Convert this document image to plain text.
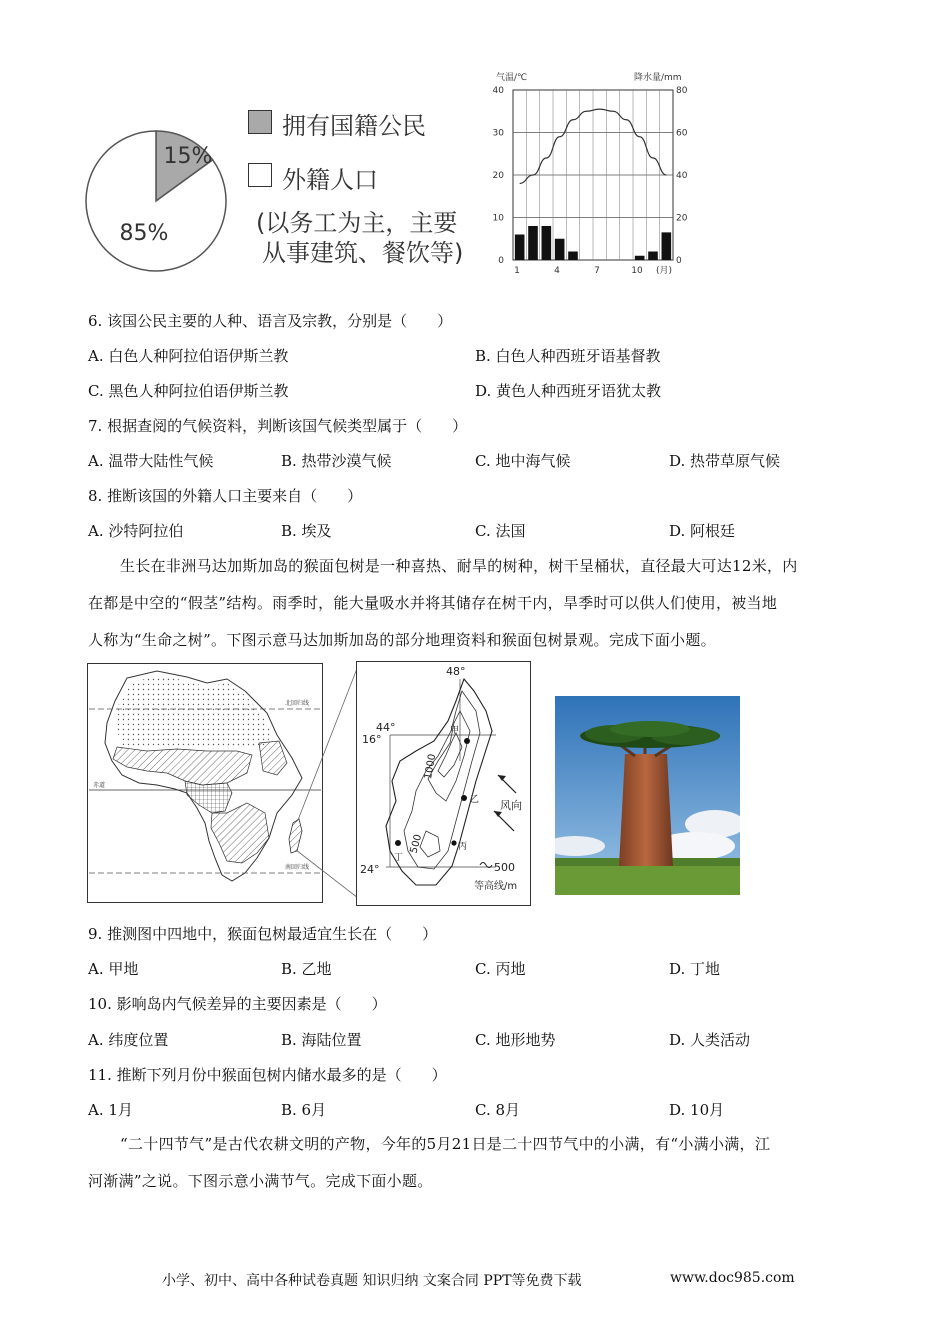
15%
85%
拥有国籍公民
外籍人口
(以务工为主，主要
从事建筑、餐饮等)
气温/℃	降水量/mm
40
30
20
10
0
80
60
40
20
0
1	4	7	10 (月)
6. 该国公民主要的人种、语言及宗教，分别是（　　）
A. 白色人种阿拉伯语伊斯兰教	B. 白色人种西班牙语基督教
C. 黑色人种阿拉伯语伊斯兰教	D. 黄色人种西班牙语犹太教
7. 根据查阅的气候资料，判断该国气候类型属于（　　）
A. 温带大陆性气候	B. 热带沙漠气候	C. 地中海气候	D. 热带草原气候
8. 推断该国的外籍人口主要来自（　　）
A. 沙特阿拉伯	B. 埃及	C. 法国	D. 阿根廷
生长在非洲马达加斯加岛的猴面包树是一种喜热、耐旱的树种，树干呈桶状，直径最大可达12米，内
在都是中空的“假茎”结构。雨季时，能大量吸水并将其储存在树干内，旱季时可以供人们使用，被当地
人称为“生命之树”。下图示意马达加斯加岛的部分地理资料和猴面包树景观。完成下面小题。
北回归线
赤道
南回归线
48°
44°
16°
24°
1000
500
甲
乙
丙
丁
风向
500
等高线/m
9. 推测图中四地中，猴面包树最适宜生长在（　　）
A. 甲地	B. 乙地	C. 丙地	D. 丁地
10. 影响岛内气候差异的主要因素是（　　）
A. 纬度位置	B. 海陆位置	C. 地形地势	D. 人类活动
11. 推断下列月份中猴面包树内储水最多的是（　　）
A. 1月	B. 6月	C. 8月	D. 10月
“二十四节气”是古代农耕文明的产物，今年的5月21日是二十四节气中的小满，有“小满小满，江
河渐满”之说。下图示意小满节气。完成下面小题。
小学、初中、高中各种试卷真题 知识归纳 文案合同 PPT等免费下载	www.doc985.com
